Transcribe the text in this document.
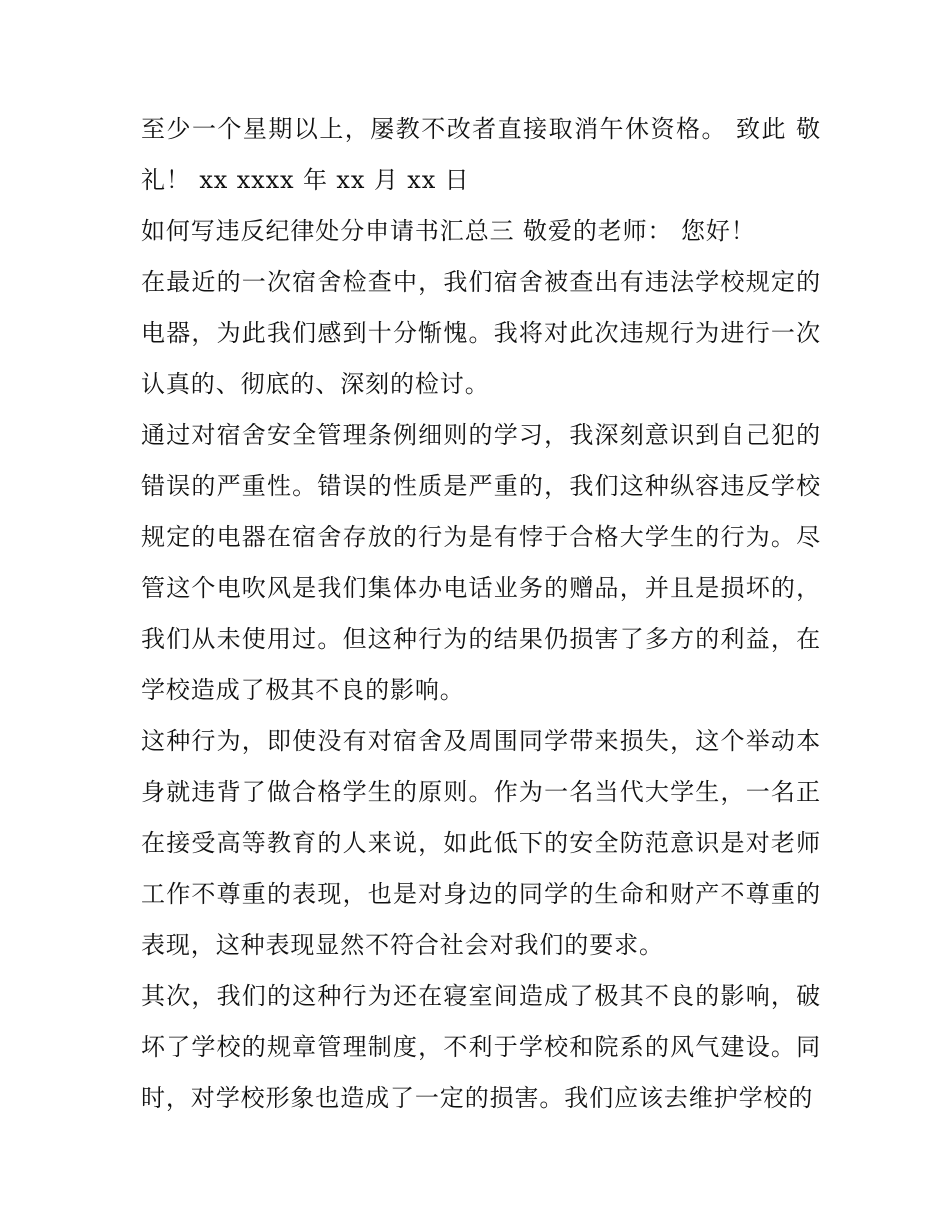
至少一个星期以上，屡教不改者直接取消午休资格。 致此 敬礼！ xx xxxx 年 xx 月 xx 日

如何写违反纪律处分申请书汇总三 敬爱的老师： 您好！

在最近的一次宿舍检查中，我们宿舍被查出有违法学校规定的电器，为此我们感到十分惭愧。我将对此次违规行为进行一次认真的、彻底的、深刻的检讨。

通过对宿舍安全管理条例细则的学习，我深刻意识到自己犯的错误的严重性。错误的性质是严重的，我们这种纵容违反学校规定的电器在宿舍存放的行为是有悖于合格大学生的行为。尽管这个电吹风是我们集体办电话业务的赠品，并且是损坏的，我们从未使用过。但这种行为的结果仍损害了多方的利益，在学校造成了极其不良的影响。

这种行为，即使没有对宿舍及周围同学带来损失，这个举动本身就违背了做合格学生的原则。作为一名当代大学生，一名正在接受高等教育的人来说，如此低下的安全防范意识是对老师工作不尊重的表现，也是对身边的同学的生命和财产不尊重的表现，这种表现显然不符合社会对我们的要求。

其次，我们的这种行为还在寝室间造成了极其不良的影响，破坏了学校的规章管理制度，不利于学校和院系的风气建设。同时，对学校形象也造成了一定的损害。我们应该去维护学校的
